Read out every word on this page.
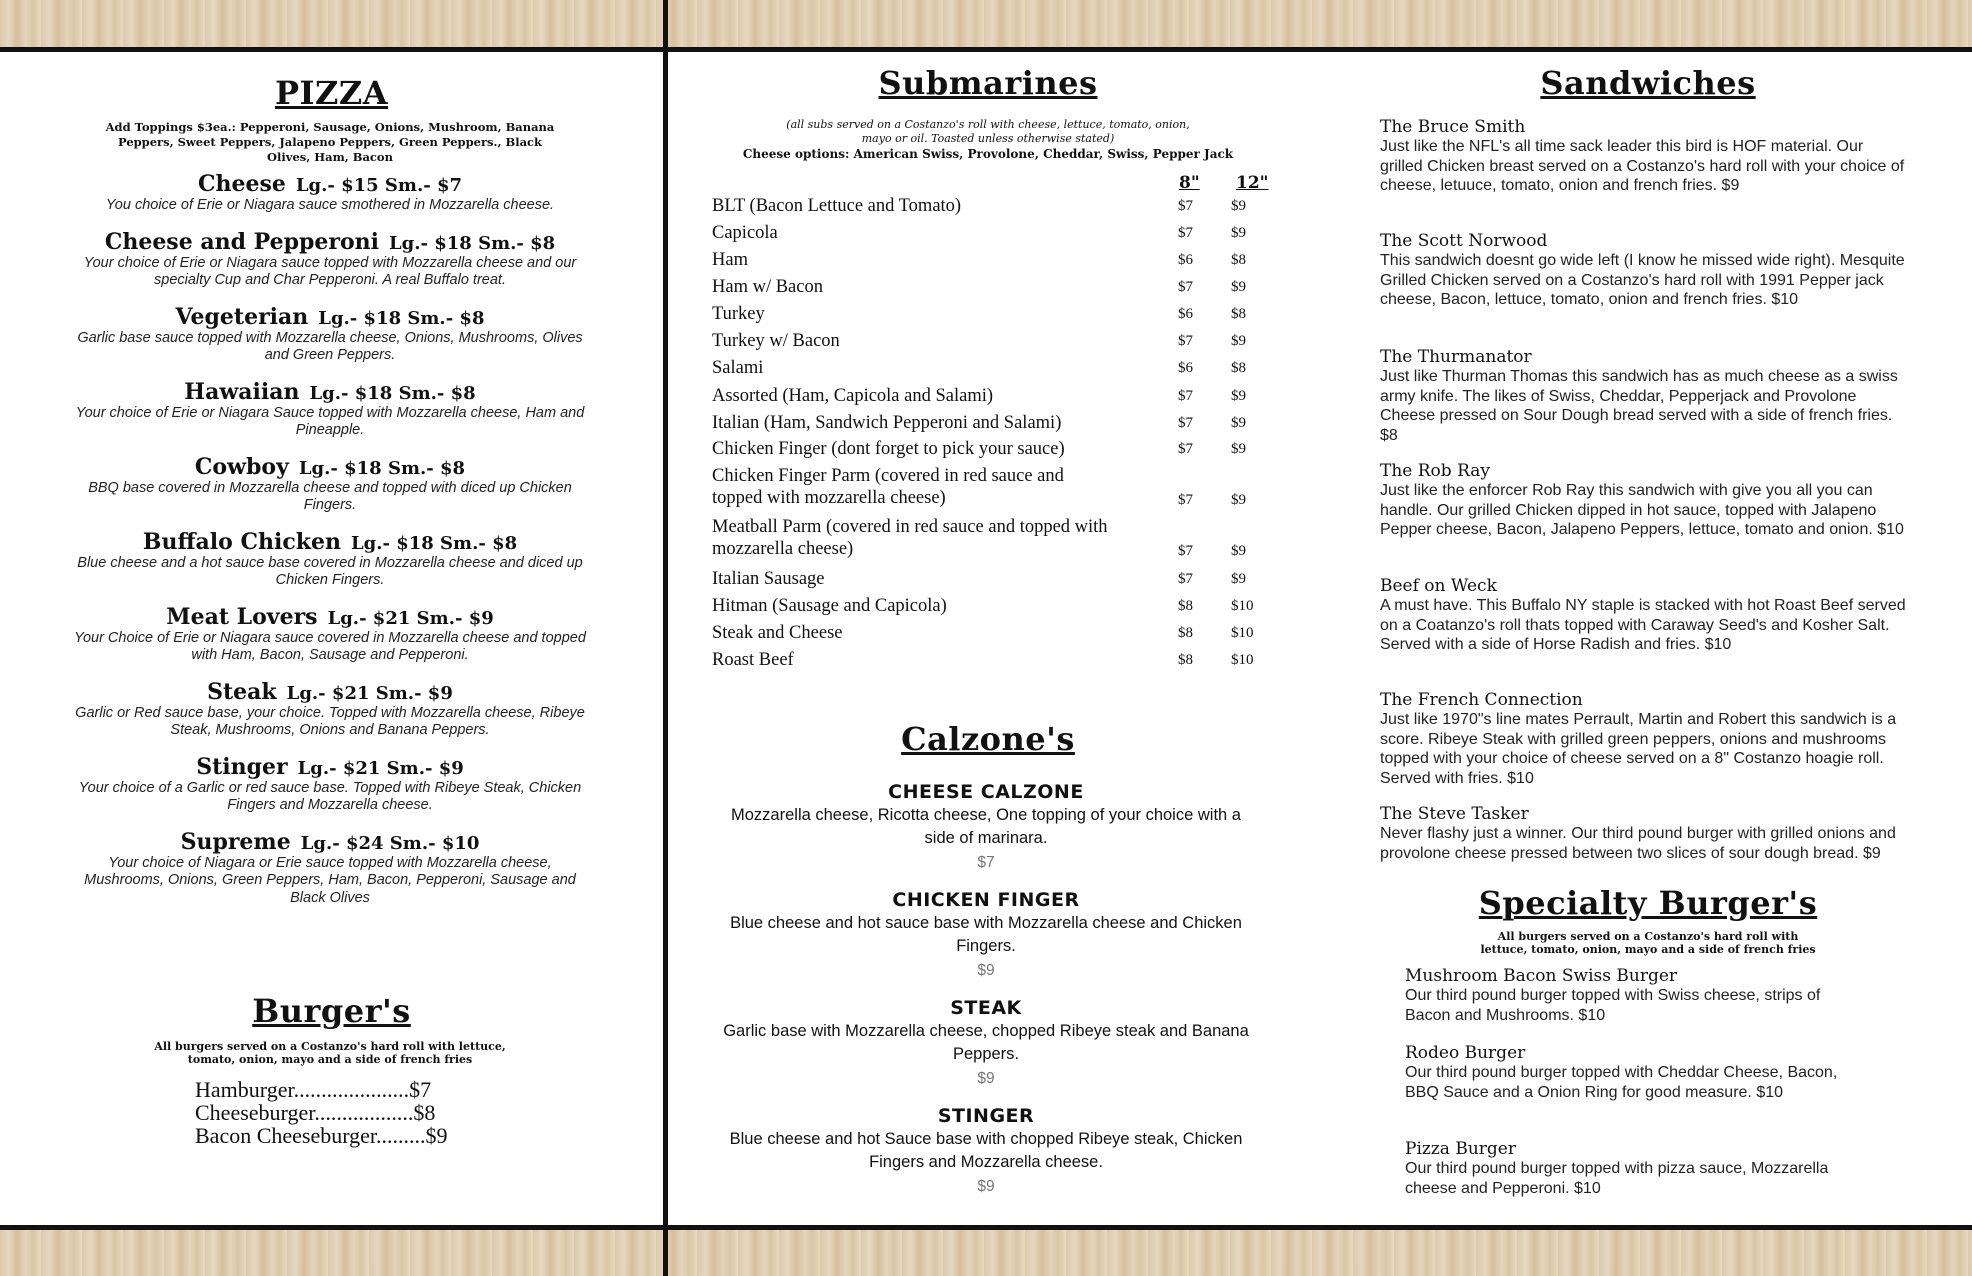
PIZZA
Add Toppings $3ea.: Pepperoni, Sausage, Onions, Mushroom, Banana Peppers, Sweet Peppers, Jalapeno Peppers, Green Peppers., Black Olives, Ham, Bacon
Cheese Lg.- $15 Sm.- $7
You choice of Erie or Niagara sauce smothered in Mozzarella cheese.
Cheese and Pepperoni Lg.- $18 Sm.- $8
Your choice of Erie or Niagara sauce topped with Mozzarella cheese and our specialty Cup and Char Pepperoni. A real Buffalo treat.
Vegeterian Lg.- $18 Sm.- $8
Garlic base sauce topped with Mozzarella cheese, Onions, Mushrooms, Olives and Green Peppers.
Hawaiian Lg.- $18 Sm.- $8
Your choice of Erie or Niagara Sauce topped with Mozzarella cheese, Ham and Pineapple.
Cowboy Lg.- $18 Sm.- $8
BBQ base covered in Mozzarella cheese and topped with diced up Chicken Fingers.
Buffalo Chicken Lg.- $18 Sm.- $8
Blue cheese and a hot sauce base covered in Mozzarella cheese and diced up Chicken Fingers.
Meat Lovers Lg.- $21 Sm.- $9
Your Choice of Erie or Niagara sauce covered in Mozzarella cheese and topped with Ham, Bacon, Sausage and Pepperoni.
Steak Lg.- $21 Sm.- $9
Garlic or Red sauce base, your choice. Topped with Mozzarella cheese, Ribeye Steak, Mushrooms, Onions and Banana Peppers.
Stinger Lg.- $21 Sm.- $9
Your choice of a Garlic or red sauce base. Topped with Ribeye Steak, Chicken Fingers and Mozzarella cheese.
Supreme Lg.- $24 Sm.- $10
Your choice of Niagara or Erie sauce topped with Mozzarella cheese, Mushrooms, Onions, Green Peppers, Ham, Bacon, Pepperoni, Sausage and Black Olives
Burger's
All burgers served on a Costanzo's hard roll with lettuce, tomato, onion, mayo and a side of french fries
Hamburger.....................$7
Cheeseburger..................$8
Bacon Cheeseburger.........$9
Submarines
(all subs served on a Costanzo's roll with cheese, lettuce, tomato, onion,
mayo or oil. Toasted unless otherwise stated)
Cheese options: American Swiss, Provolone, Cheddar, Swiss, Pepper Jack
8" 12"
BLT (Bacon Lettuce and Tomato)	$7	$9
Capicola	$7	$9
Ham	$6	$8
Ham w/ Bacon	$7	$9
Turkey	$6	$8
Turkey w/ Bacon	$7	$9
Salami	$6	$8
Assorted (Ham, Capicola and Salami)	$7	$9
Italian (Ham, Sandwich Pepperoni and Salami)	$7	$9
Chicken Finger (dont forget to pick your sauce)	$7	$9
Chicken Finger Parm (covered in red sauce and topped with mozzarella cheese)	$7	$9
Meatball Parm (covered in red sauce and topped with mozzarella cheese)	$7	$9
Italian Sausage	$7	$9
Hitman (Sausage and Capicola)	$8	$10
Steak and Cheese	$8	$10
Roast Beef	$8	$10
Calzone's
CHEESE CALZONE
Mozzarella cheese, Ricotta cheese, One topping of your choice with a side of marinara.
$7
CHICKEN FINGER
Blue cheese and hot sauce base with Mozzarella cheese and Chicken Fingers.
$9
STEAK
Garlic base with Mozzarella cheese, chopped Ribeye steak and Banana Peppers.
$9
STINGER
Blue cheese and hot Sauce base with chopped Ribeye steak, Chicken Fingers and Mozzarella cheese.
$9
Sandwiches
The Bruce Smith
Just like the NFL's all time sack leader this bird is HOF material. Our grilled Chicken breast served on a Costanzo's hard roll with your choice of cheese, letuuce, tomato, onion and french fries. $9
The Scott Norwood
This sandwich doesnt go wide left (I know he missed wide right). Mesquite Grilled Chicken served on a Costanzo's hard roll with 1991 Pepper jack cheese, Bacon, lettuce, tomato, onion and french fries. $10
The Thurmanator
Just like Thurman Thomas this sandwich has as much cheese as a swiss army knife. The likes of Swiss, Cheddar, Pepperjack and Provolone Cheese pressed on Sour Dough bread served with a side of french fries. $8
The Rob Ray
Just like the enforcer Rob Ray this sandwich with give you all you can handle. Our grilled Chicken dipped in hot sauce, topped with Jalapeno Pepper cheese, Bacon, Jalapeno Peppers, lettuce, tomato and onion. $10
Beef on Weck
A must have. This Buffalo NY staple is stacked with hot Roast Beef served on a Coatanzo's roll thats topped with Caraway Seed's and Kosher Salt. Served with a side of Horse Radish and fries. $10
The French Connection
Just like 1970"s line mates Perrault, Martin and Robert this sandwich is a score. Ribeye Steak with grilled green peppers, onions and mushrooms topped with your choice of cheese served on a 8" Costanzo hoagie roll. Served with fries. $10
The Steve Tasker
Never flashy just a winner. Our third pound burger with grilled onions and provolone cheese pressed between two slices of sour dough bread. $9
Specialty Burger's
All burgers served on a Costanzo's hard roll with
lettuce, tomato, onion, mayo and a side of french fries
Mushroom Bacon Swiss Burger
Our third pound burger topped with Swiss cheese, strips of Bacon and Mushrooms. $10
Rodeo Burger
Our third pound burger topped with Cheddar Cheese, Bacon, BBQ Sauce and a Onion Ring for good measure. $10
Pizza Burger
Our third pound burger topped with pizza sauce, Mozzarella cheese and Pepperoni. $10
